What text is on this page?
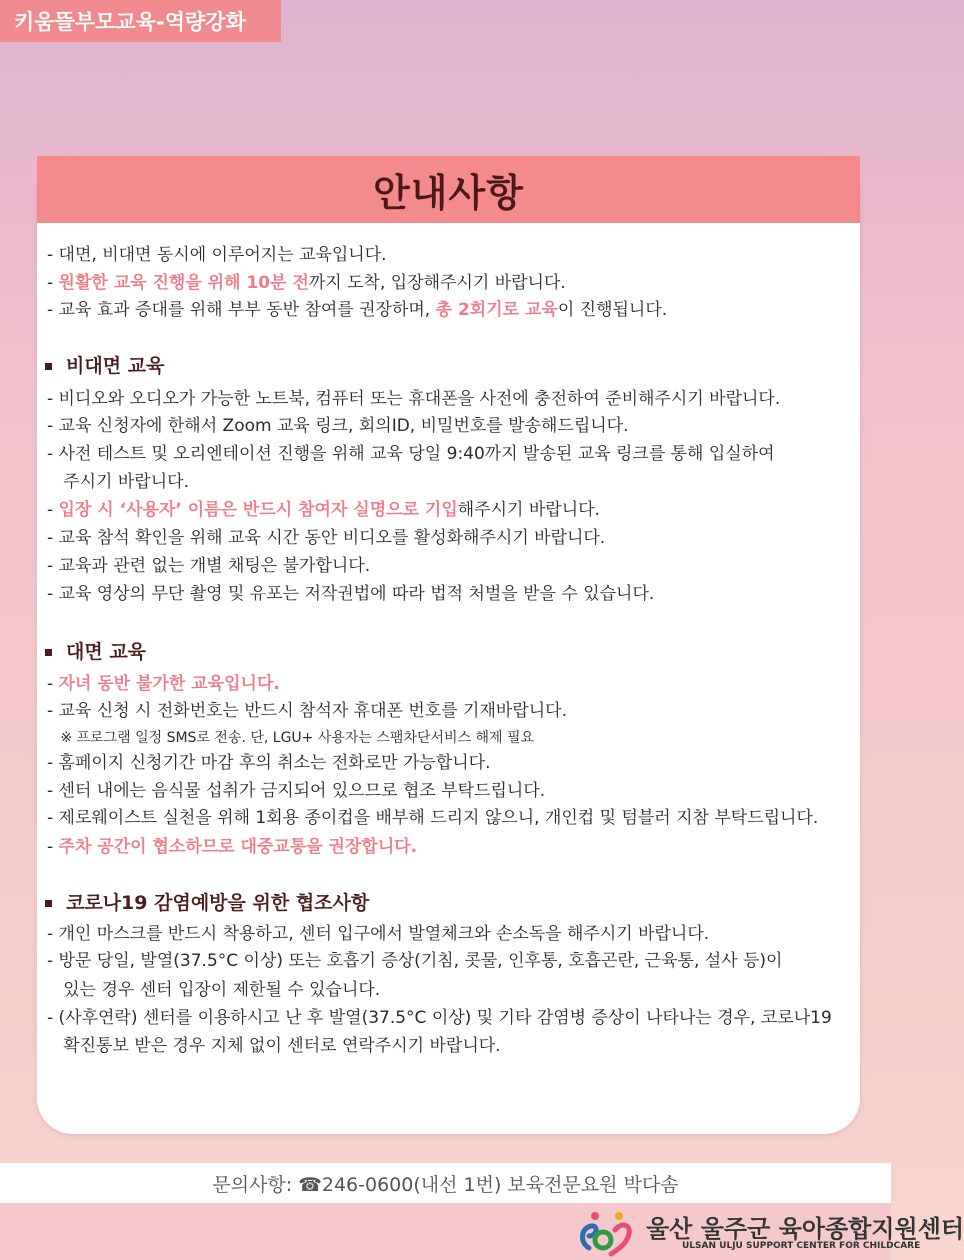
키움뜰부모교육-역량강화
안내사항
- 대면, 비대면 동시에 이루어지는 교육입니다.
- 원활한 교육 진행을 위해 10분 전까지 도착, 입장해주시기 바랍니다.
- 교육 효과 증대를 위해 부부 동반 참여를 권장하며, 총 2회기로 교육이 진행됩니다.
비대면 교육
- 비디오와 오디오가 가능한 노트북, 컴퓨터 또는 휴대폰을 사전에 충전하여 준비해주시기 바랍니다.
- 교육 신청자에 한해서 Zoom 교육 링크, 회의ID, 비밀번호를 발송해드립니다.
- 사전 테스트 및 오리엔테이션 진행을 위해 교육 당일 9:40까지 발송된 교육 링크를 통해 입실하여
주시기 바랍니다.
- 입장 시 ‘사용자’ 이름은 반드시 참여자 실명으로 기입해주시기 바랍니다.
- 교육 참석 확인을 위해 교육 시간 동안 비디오를 활성화해주시기 바랍니다.
- 교육과 관련 없는 개별 채팅은 불가합니다.
- 교육 영상의 무단 촬영 및 유포는 저작권법에 따라 법적 처벌을 받을 수 있습니다.
대면 교육
- 자녀 동반 불가한 교육입니다.
- 교육 신청 시 전화번호는 반드시 참석자 휴대폰 번호를 기재바랍니다.
※ 프로그램 일정 SMS로 전송. 단, LGU+ 사용자는 스팸차단서비스 해제 필요
- 홈페이지 신청기간 마감 후의 취소는 전화로만 가능합니다.
- 센터 내에는 음식물 섭취가 금지되어 있으므로 협조 부탁드립니다.
- 제로웨이스트 실천을 위해 1회용 종이컵을 배부해 드리지 않으니, 개인컵 및 텀블러 지참 부탁드립니다.
- 주차 공간이 협소하므로 대중교통을 권장합니다.
코로나19 감염예방을 위한 협조사항
- 개인 마스크를 반드시 착용하고, 센터 입구에서 발열체크와 손소독을 해주시기 바랍니다.
- 방문 당일, 발열(37.5°C 이상) 또는 호흡기 증상(기침, 콧물, 인후통, 호흡곤란, 근육통, 설사 등)이
있는 경우 센터 입장이 제한될 수 있습니다.
- (사후연락) 센터를 이용하시고 난 후 발열(37.5°C 이상) 및 기타 감염병 증상이 나타나는 경우, 코로나19
확진통보 받은 경우 지체 없이 센터로 연락주시기 바랍니다.
문의사항: ☎246-0600(내선 1번) 보육전문요원 박다솜
울산 울주군 육아종합지원센터
ULSAN ULJU SUPPORT CENTER FOR CHILDCARE
